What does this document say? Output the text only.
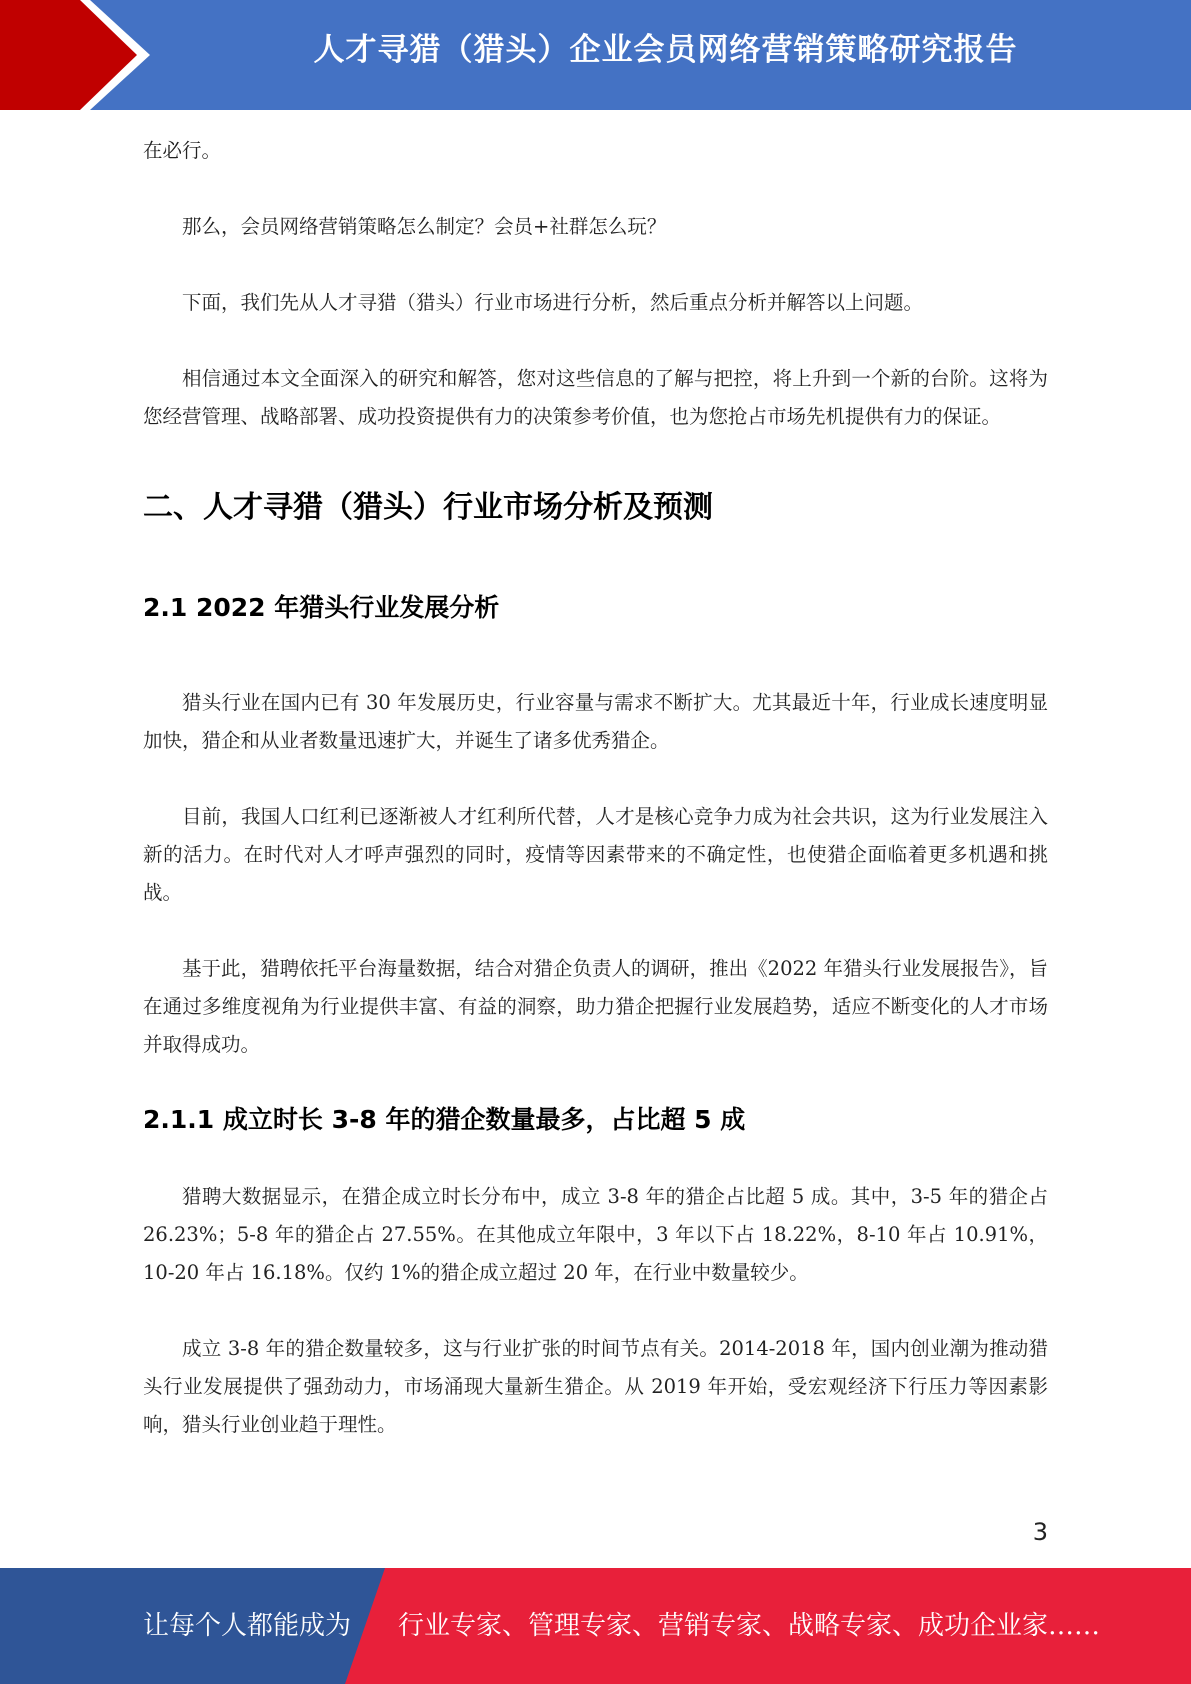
人才寻猎（猎头）企业会员网络营销策略研究报告

在必行。

那么，会员网络营销策略怎么制定？会员+社群怎么玩？

下面，我们先从人才寻猎（猎头）行业市场进行分析，然后重点分析并解答以上问题。

相信通过本文全面深入的研究和解答，您对这些信息的了解与把控，将上升到一个新的台阶。这将为您经营管理、战略部署、成功投资提供有力的决策参考价值，也为您抢占市场先机提供有力的保证。

二、人才寻猎（猎头）行业市场分析及预测
2.1 2022 年猎头行业发展分析

猎头行业在国内已有 30 年发展历史，行业容量与需求不断扩大。尤其最近十年，行业成长速度明显加快，猎企和从业者数量迅速扩大，并诞生了诸多优秀猎企。

目前，我国人口红利已逐渐被人才红利所代替，人才是核心竞争力成为社会共识，这为行业发展注入新的活力。在时代对人才呼声强烈的同时，疫情等因素带来的不确定性，也使猎企面临着更多机遇和挑战。

基于此，猎聘依托平台海量数据，结合对猎企负责人的调研，推出《2022 年猎头行业发展报告》，旨在通过多维度视角为行业提供丰富、有益的洞察，助力猎企把握行业发展趋势，适应不断变化的人才市场并取得成功。

2.1.1 成立时长 3-8 年的猎企数量最多，占比超 5 成

猎聘大数据显示，在猎企成立时长分布中，成立 3-8 年的猎企占比超 5 成。其中，3-5 年的猎企占 26.23%；5-8 年的猎企占 27.55%。在其他成立年限中，3 年以下占 18.22%，8-10 年占 10.91%，10-20 年占 16.18%。仅约 1%的猎企成立超过 20 年，在行业中数量较少。

成立 3-8 年的猎企数量较多，这与行业扩张的时间节点有关。2014-2018 年，国内创业潮为推动猎头行业发展提供了强劲动力，市场涌现大量新生猎企。从 2019 年开始，受宏观经济下行压力等因素影响，猎头行业创业趋于理性。

3
让每个人都能成为 行业专家、管理专家、营销专家、战略专家、成功企业家……
